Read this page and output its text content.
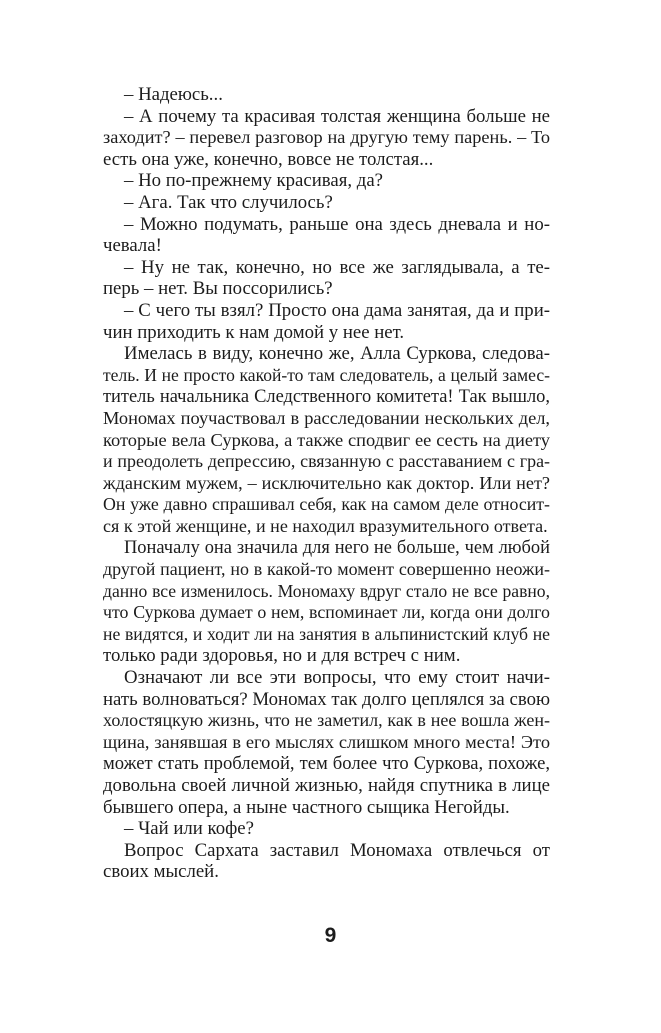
– Надеюсь...
– А почему та красивая толстая женщина больше не
заходит? – перевел разговор на другую тему парень. – То
есть она уже, конечно, вовсе не толстая...
– Но по-прежнему красивая, да?
– Ага. Так что случилось?
– Можно подумать, раньше она здесь дневала и но-
чевала!
– Ну не так, конечно, но все же заглядывала, а те-
перь – нет. Вы поссорились?
– С чего ты взял? Просто она дама занятая, да и при-
чин приходить к нам домой у нее нет.
Имелась в виду, конечно же, Алла Суркова, следова-
тель. И не просто какой-то там следователь, а целый замес-
титель начальника Следственного комитета! Так вышло,
Мономах поучаствовал в расследовании нескольких дел,
которые вела Суркова, а также сподвиг ее сесть на диету
и преодолеть депрессию, связанную с расставанием с гра-
жданским мужем, – исключительно как доктор. Или нет?
Он уже давно спрашивал себя, как на самом деле относит-
ся к этой женщине, и не находил вразумительного ответа.
Поначалу она значила для него не больше, чем любой
другой пациент, но в какой-то момент совершенно неожи-
данно все изменилось. Мономаху вдруг стало не все равно,
что Суркова думает о нем, вспоминает ли, когда они долго
не видятся, и ходит ли на занятия в альпинистский клуб не
только ради здоровья, но и для встреч с ним.
Означают ли все эти вопросы, что ему стоит начи-
нать волноваться? Мономах так долго цеплялся за свою
холостяцкую жизнь, что не заметил, как в нее вошла жен-
щина, занявшая в его мыслях слишком много места! Это
может стать проблемой, тем более что Суркова, похоже,
довольна своей личной жизнью, найдя спутника в лице
бывшего опера, а ныне частного сыщика Негойды.
– Чай или кофе?
Вопрос Сархата заставил Мономаха отвлечься от
своих мыслей.
9
